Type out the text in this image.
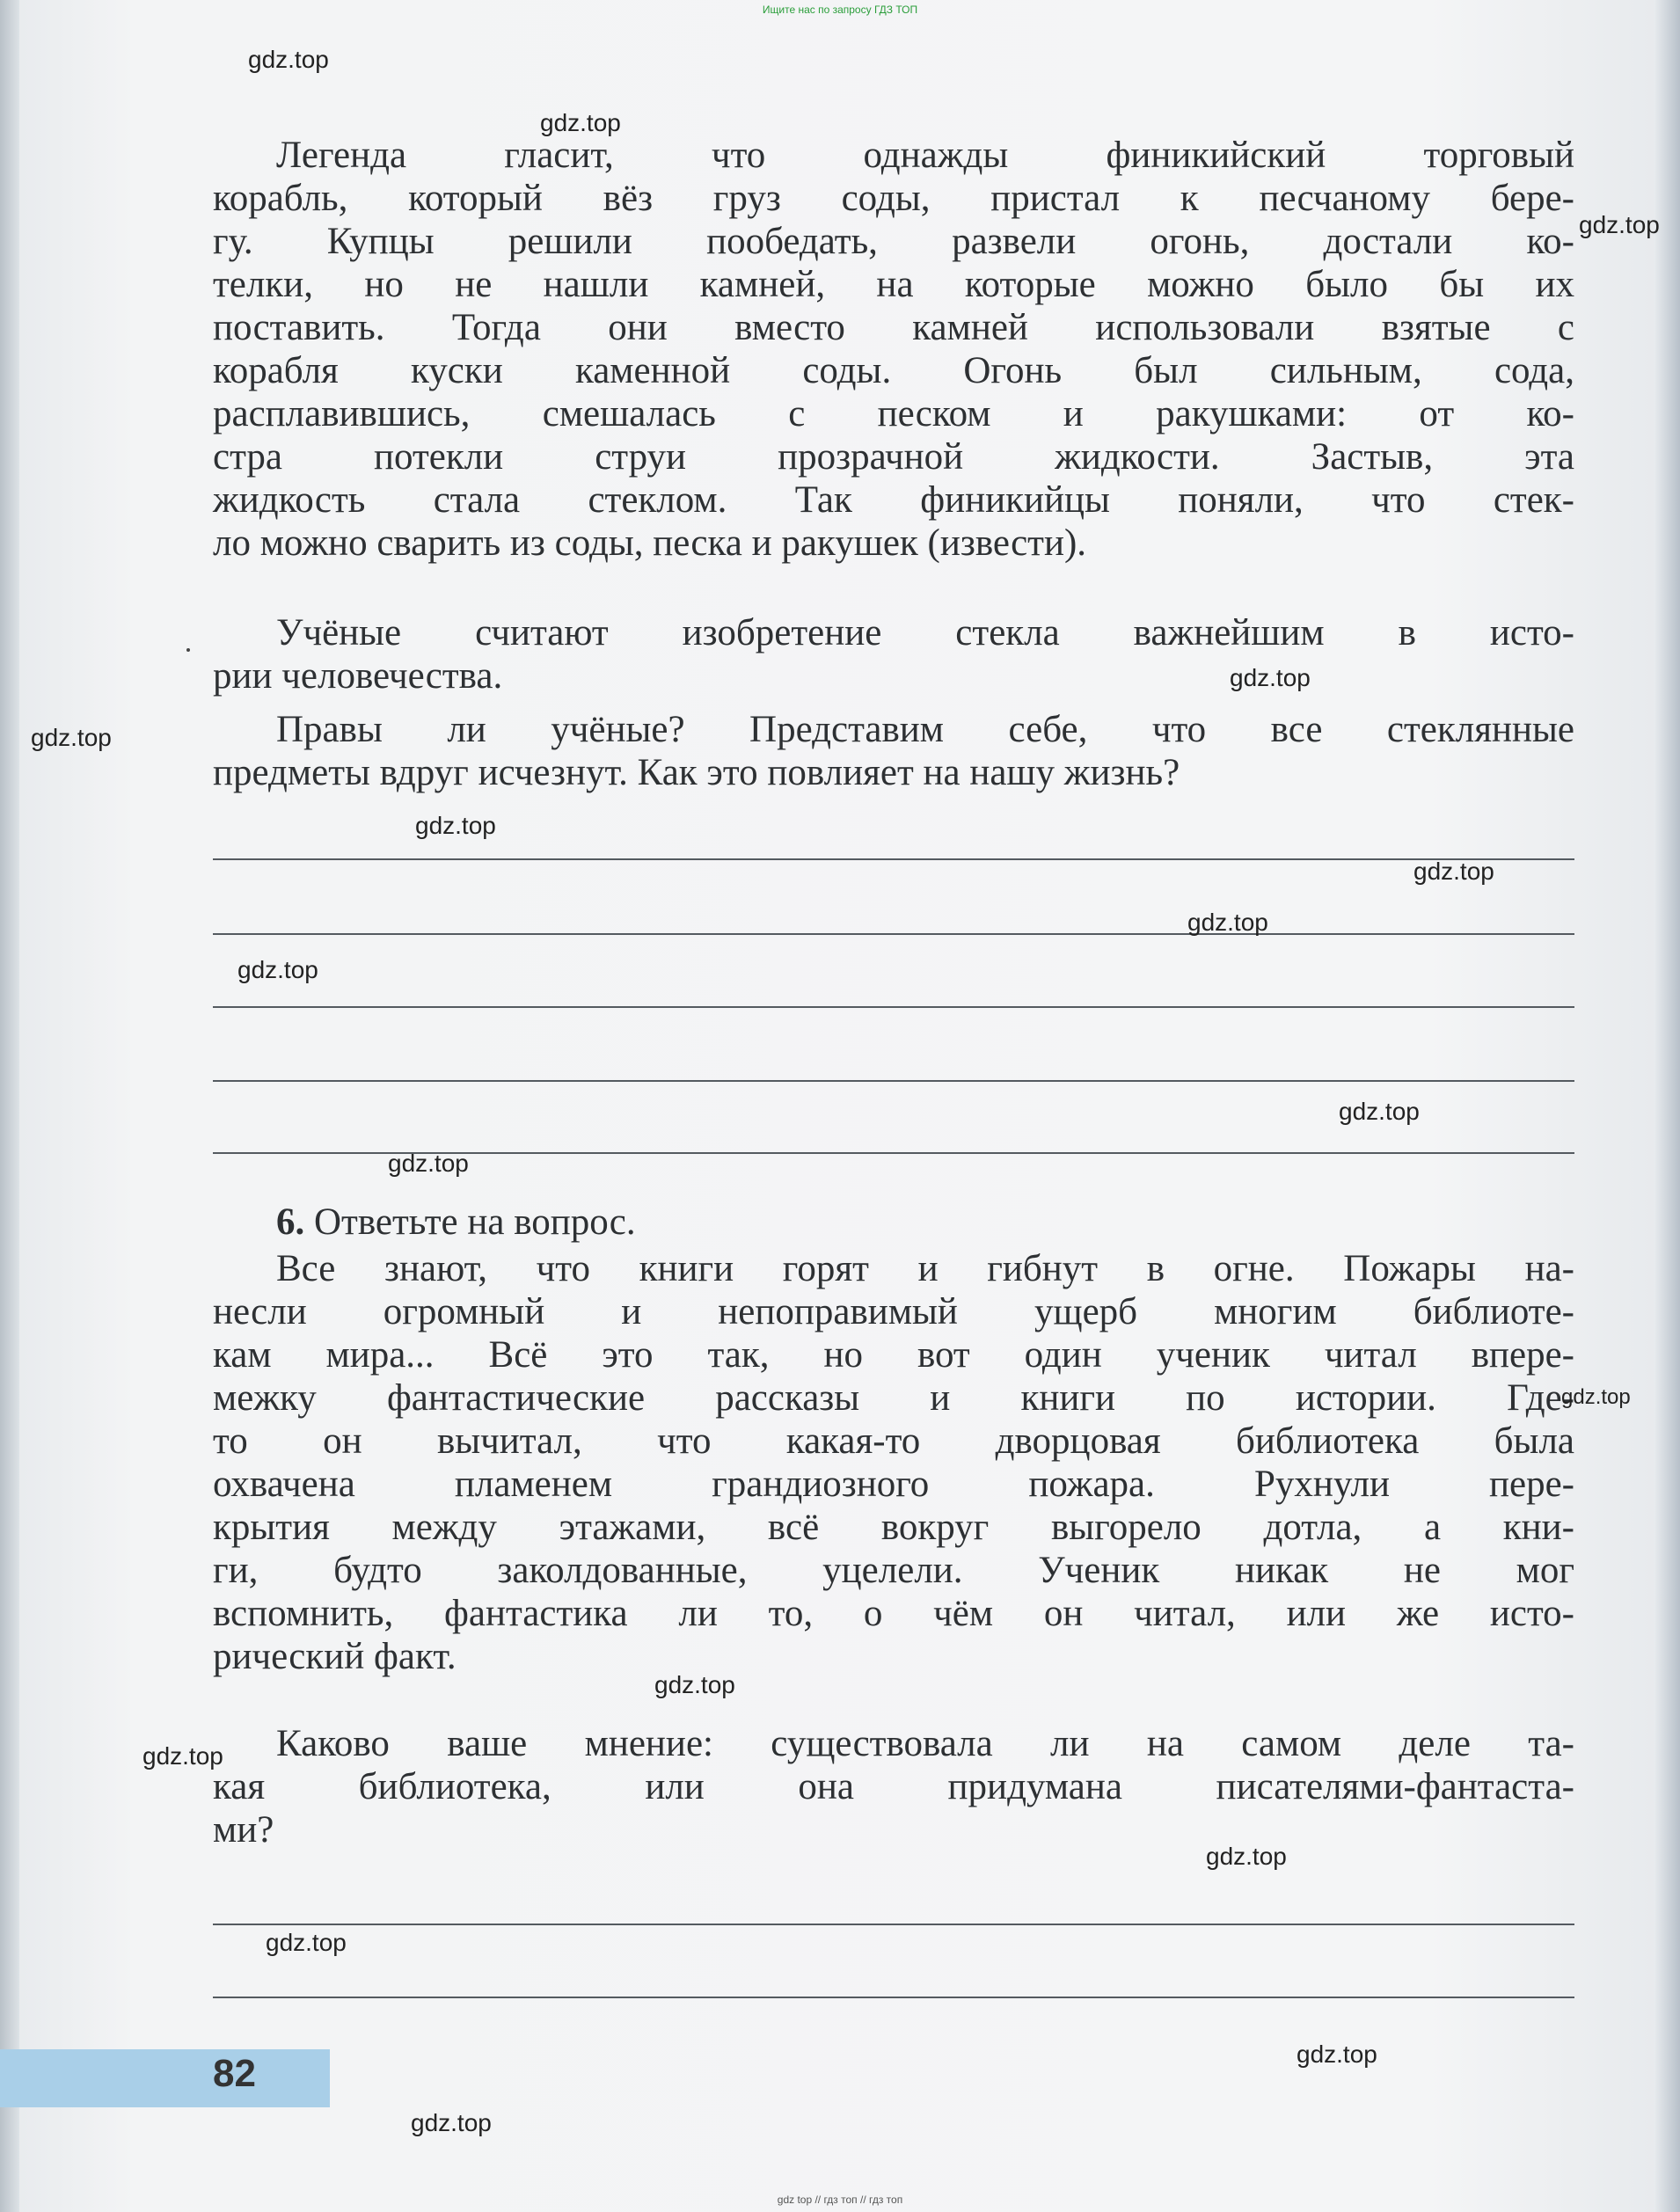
Ищите нас по запросу ГДЗ ТОП
Легенда гласит, что однажды финикийский торговый
корабль, который вёз груз соды, пристал к песчаному бере-
гу. Купцы решили пообедать, развели огонь, достали ко-
телки, но не нашли камней, на которые можно было бы их
поставить. Тогда они вместо камней использовали взятые с
корабля куски каменной соды. Огонь был сильным, сода,
расплавившись, смешалась с песком и ракушками: от ко-
стра потекли струи прозрачной жидкости. Застыв, эта
жидкость стала стеклом. Так финикийцы поняли, что стек-
ло можно сварить из соды, песка и ракушек (извести).
Учёные считают изобретение стекла важнейшим в исто-
рии человечества.
Правы ли учёные? Представим себе, что все стеклянные
предметы вдруг исчезнут. Как это повлияет на нашу жизнь?
6. Ответьте на вопрос.
Все знают, что книги горят и гибнут в огне. Пожары на-
несли огромный и непоправимый ущерб многим библиоте-
кам мира... Всё это так, но вот один ученик читал впере-
межку фантастические рассказы и книги по истории. Где-
то он вычитал, что какая-то дворцовая библиотека была
охвачена пламенем грандиозного пожара. Рухнули пере-
крытия между этажами, всё вокруг выгорело дотла, а кни-
ги, будто заколдованные, уцелели. Ученик никак не мог
вспомнить, фантастика ли то, о чём он читал, или же исто-
рический факт.
Каково ваше мнение: существовала ли на самом деле та-
кая библиотека, или она придумана писателями-фантаста-
ми?
82
gdz.top
gdz.top
gdz.top
gdz.top
gdz.top
gdz.top
gdz.top
gdz.top
gdz.top
gdz.top
gdz.top
gdz.top
gdz.top
gdz.top
gdz.top
gdz.top
gdz.top
gdz.top
gdz top // гдз топ // гдз топ
